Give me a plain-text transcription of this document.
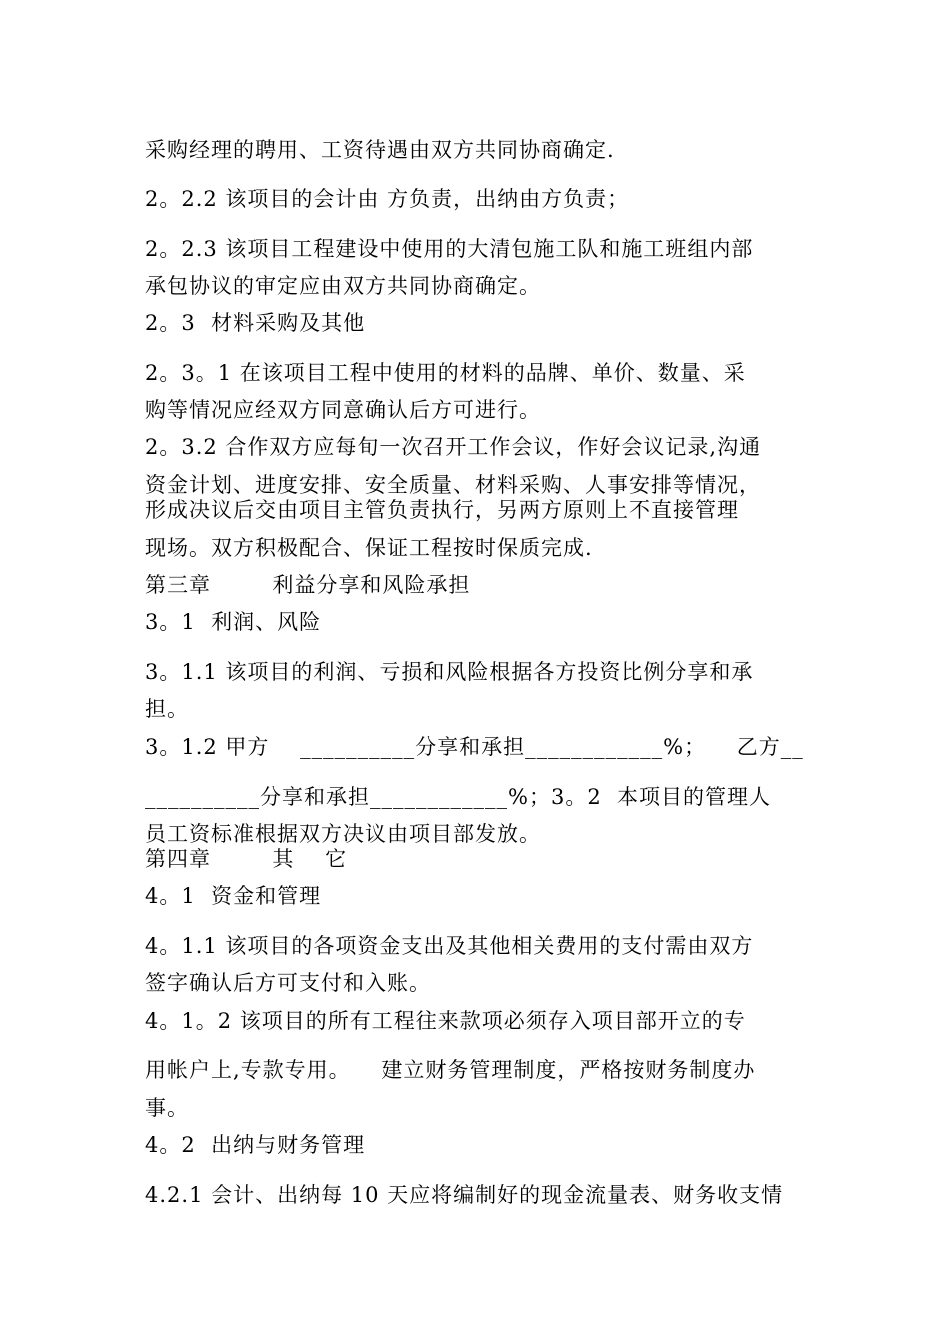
采购经理的聘用、工资待遇由双方共同协商确定.
2。2.2 该项目的会计由 方负责，出纳由方负责；
2。2.3 该项目工程建设中使用的大清包施工队和施工班组内部
承包协议的审定应由双方共同协商确定。
2。3  材料采购及其他
2。3。1 在该项目工程中使用的材料的品牌、单价、数量、采
购等情况应经双方同意确认后方可进行。
2。3.2 合作双方应每旬一次召开工作会议，作好会议记录,沟通
资金计划、进度安排、安全质量、材料采购、人事安排等情况，
形成决议后交由项目主管负责执行，另两方原则上不直接管理
现场。双方积极配合、保证工程按时保质完成.
第三章        利益分享和风险承担
3。1  利润、风险
3。1.1 该项目的利润、亏损和风险根据各方投资比例分享和承
担。
3。1.2 甲方    __________分享和承担____________%；    乙方__
__________分享和承担____________%；3。2  本项目的管理人
员工资标准根据双方决议由项目部发放。
第四章        其    它
4。1  资金和管理
4。1.1 该项目的各项资金支出及其他相关费用的支付需由双方
签字确认后方可支付和入账。
4。1。2 该项目的所有工程往来款项必须存入项目部开立的专
用帐户上,专款专用。    建立财务管理制度，严格按财务制度办
事。
4。2  出纳与财务管理
4.2.1 会计、出纳每 10 天应将编制好的现金流量表、财务收支情
